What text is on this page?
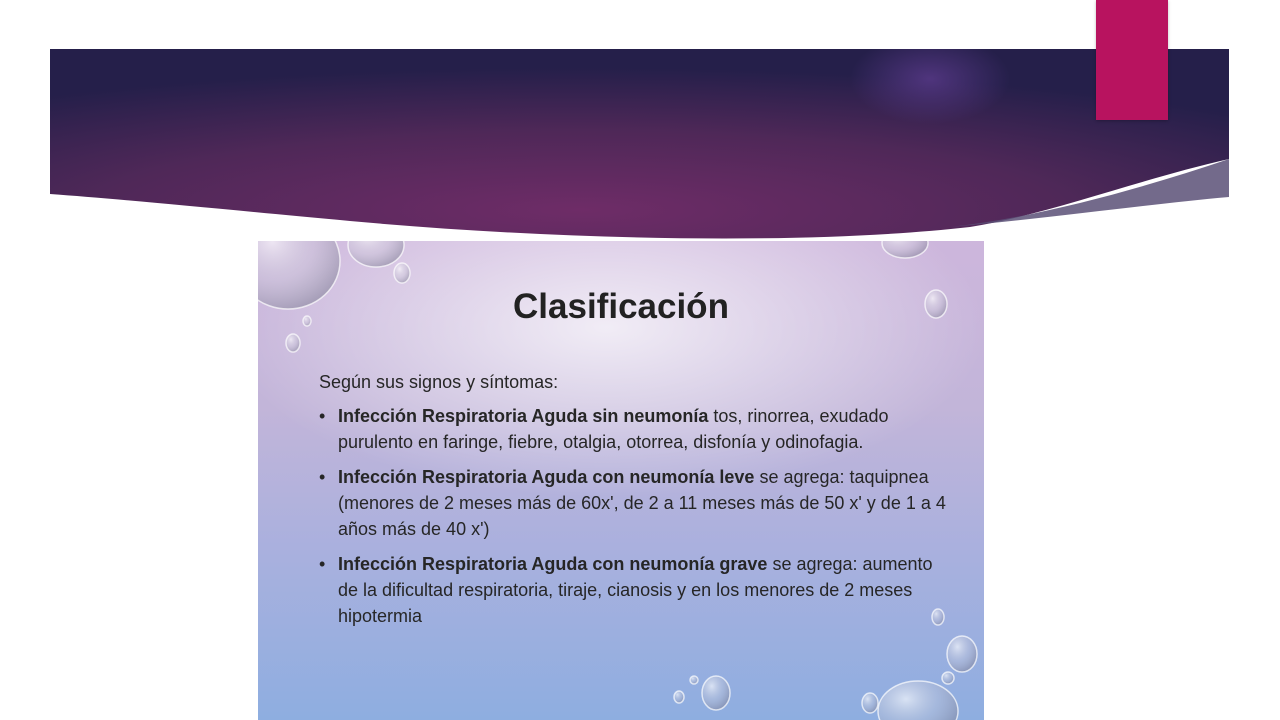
Clasificación

Según sus signos y síntomas:

• Infección Respiratoria Aguda sin neumonía tos, rinorrea, exudado purulento en faringe, fiebre, otalgia, otorrea, disfonía y odinofagia.
• Infección Respiratoria Aguda con neumonía leve se agrega: taquipnea (menores de 2 meses más de 60x', de 2 a 11 meses más de 50 x' y de 1 a 4 años más de 40 x')
• Infección Respiratoria Aguda con neumonía grave se agrega: aumento de la dificultad respiratoria, tiraje, cianosis y en los menores de 2 meses hipotermia
